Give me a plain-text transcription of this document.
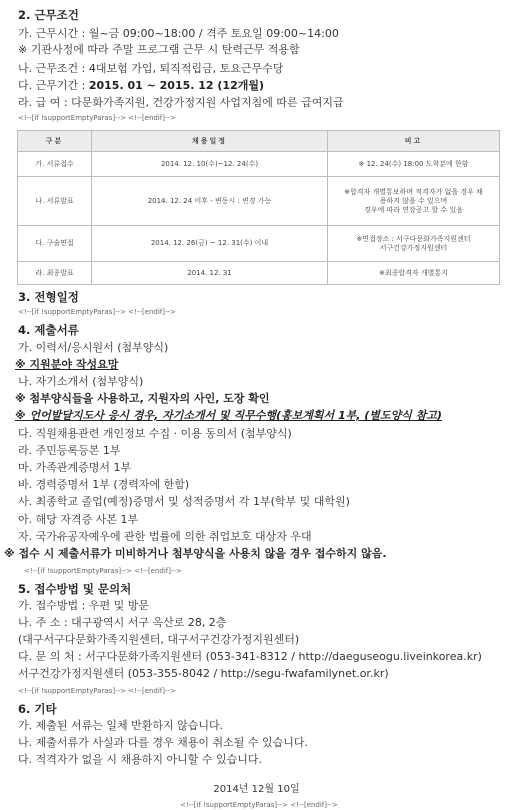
2. 근무조건
가. 근무시간 : 월~금 09:00~18:00 / 격주 토요일 09:00~14:00
※ 기관사정에 따라 주말 프로그램 근무 시 탄력근무 적용함
나. 근무조건 : 4대보험 가입, 퇴직적립금, 토요근무수당
다. 근무기간 : 2015. 01 ~ 2015. 12 (12개월)
라. 급 여 : 다문화가족지원, 건강가정지원 사업지침에 따른 급여지급
<!--[if !supportEmptyParas]--> <!--[endif]-->
구분	채용일정	비고
가. 서류접수	2014. 12. 10(수)~12. 24(수)	※ 12. 24(수) 18:00 도착분에 한함

나. 서류발표	2014. 12. 24 이후 - 변동시 : 변경 가능	※합격자 개별통보하며 적격자가 없을 경우 채
용하지 않을 수 있으며
경우에 따라 연장공고 할 수 있음

다. 구술면접	2014. 12. 26(금) ~ 12. 31(수) 이내	※면접장소 : 서구다문화가족지원센터
서구건강가정지원센터

라. 최종발표	2014. 12. 31	※최종합격자 개별통지
3. 전형일정
<!--[if !supportEmptyParas]--> <!--[endif]-->
4. 제출서류
가. 이력서/응시원서 (첨부양식)
※ 지원분야 작성요망
나. 자기소개서 (첨부양식)
※ 첨부양식들을 사용하고, 지원자의 사인, 도장 확인
※ 언어발달지도사 응시 경우, 자기소개서 및 직무수행(홍보계획서 1부, (별도양식 참고)
다. 직원채용관련 개인정보 수집 · 이용 동의서 (첨부양식)
라. 주민등록등본 1부
마. 가족관계증명서 1부
바. 경력증명서 1부 (경력자에 한함)
사. 최종학교 졸업(예정)증명서 및 성적증명서 각 1부(학부 및 대학원)
아. 해당 자격증 사본 1부
자. 국가유공자예우에 관한 법률에 의한 취업보호 대상자 우대
※ 접수 시 제출서류가 미비하거나 첨부양식을 사용치 않을 경우 접수하지 않음.
<!--[if !supportEmptyParas]--> <!--[endif]-->
5. 접수방법 및 문의처
가. 접수방법 : 우편 및 방문
나. 주 소 : 대구광역시 서구 옥산로 28, 2층
(대구서구다문화가족지원센터, 대구서구건강가정지원센터)
다. 문 의 처 : 서구다문화가족지원센터 (053-341-8312 / http://daeguseogu.liveinkorea.kr)
서구건강가정지원센터 (053-355-8042 / http://segu-fwafamilynet.or.kr)
<!--[if !supportEmptyParas]--> <!--[endif]-->
6. 기타
가. 제출된 서류는 일체 반환하지 않습니다.
나. 제출서류가 사실과 다를 경우 채용이 취소될 수 있습니다.
다. 적격자가 없을 시 채용하지 아니할 수 있습니다.
2014년 12월 10일
<!--[if !supportEmptyParas]--> <!--[endif]-->
